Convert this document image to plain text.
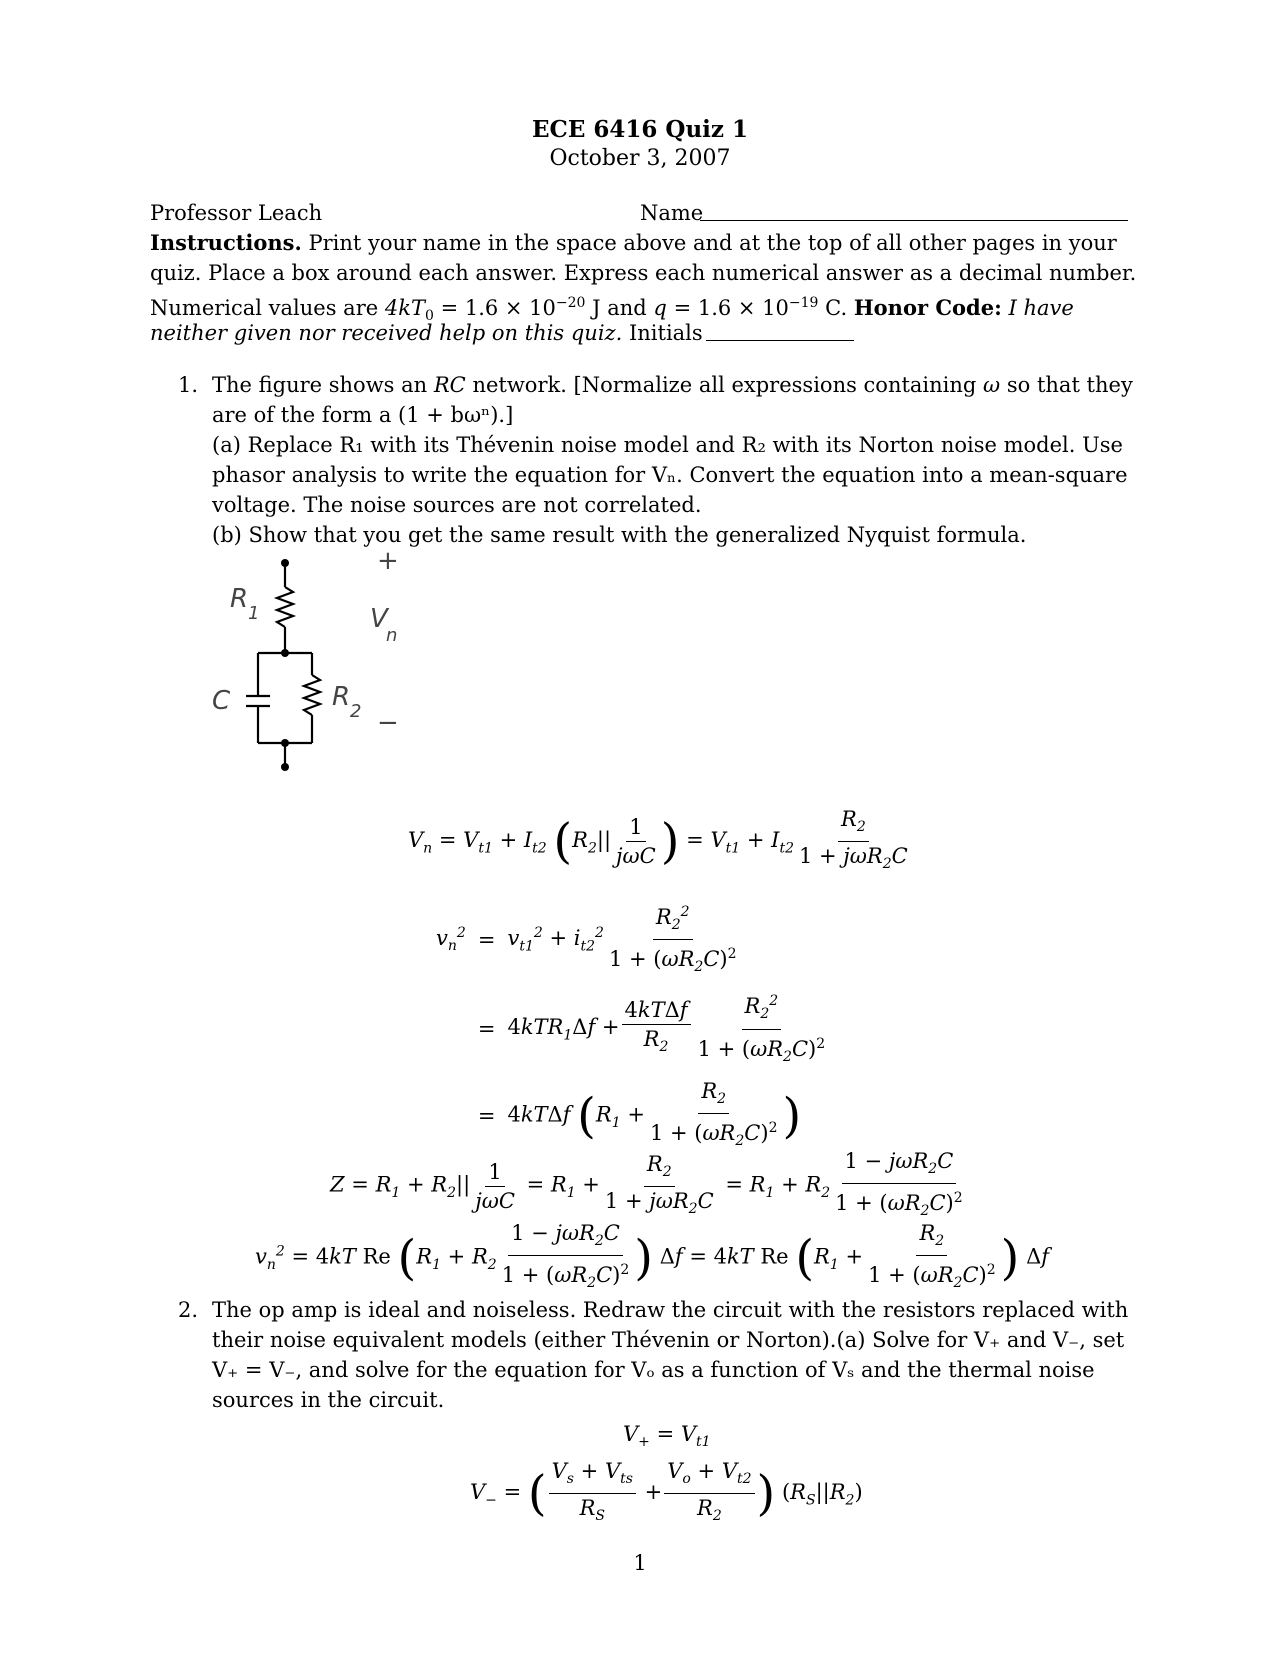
ECE 6416 Quiz 1
October 3, 2007
Professor Leach	Name
Instructions. Print your name in the space above and at the top of all other pages in your
quiz. Place a box around each answer. Express each numerical answer as a decimal number.
Numerical values are $4kT_0 = 1.6 \times 10^{-20}$ J and $q = 1.6 \times 10^{-19}$ C. Honor Code: I have
neither given nor received help on this quiz. Initials
1. The figure shows an RC network. [Normalize all expressions containing ω so that they
are of the form a (1 + bωⁿ).]
(a) Replace R₁ with its Thévenin noise model and R₂ with its Norton noise model. Use
phasor analysis to write the equation for Vₙ. Convert the equation into a mean-square
voltage. The noise sources are not correlated.
(b) Show that you get the same result with the generalized Nyquist formula.
+
−
R 1
C	R 2
V
n
$V_n = V_{t1} + I_{t2}$ ($R_2|| \frac{1}{\text{jωC}}$ ) = $V_{t1} + I_{t2} \frac{R_2}{1 + j\omega R_2C}$
$v_n^2$	=	$v_{t1}^2 + i_{t2}^2 \frac{R_2^2}{1 + (\omega R_2C)^2}$

	=	$4kTR_1\Delta f + \frac{\text{4kTΔf}}{R_2} \frac{R_2^2}{1 + (\omega R_2C)^2}$

	=	4kTΔf ($R_1 + \frac{R_2}{1 + (\omega R_2C)^2}$ )
$Z = R_1 + R_2|| \frac{1}{\text{jωC}} = R_1 + \frac{R_2}{1 + j\omega R_2C} = R_1 + R_2 \frac{1 - j\omega R_2C}{1 + (\omega R_2C)^2}$
$v_n^2 = 4kT$ Re ($R_1 + R_2 \frac{1 - j\omega R_2C}{1 + (\omega R_2C)^2}$ ) Δf = 4kT Re ($R_1 + \frac{R_2}{1 + (\omega R_2C)^2}$ ) Δf
2. The op amp is ideal and noiseless. Redraw the circuit with the resistors replaced with
their noise equivalent models (either Thévenin or Norton).(a) Solve for V₊ and V₋, set
V₊ = V₋, and solve for the equation for Vₒ as a function of Vₛ and the thermal noise
sources in the circuit.
$V_+ = V_{t1}$
$V_-$ = ( $\frac{V_s + V_{ts}}{R_S} + \frac{V_o + V_{t2}}{R_2}$ ) $(R_S||R_2)$
1
